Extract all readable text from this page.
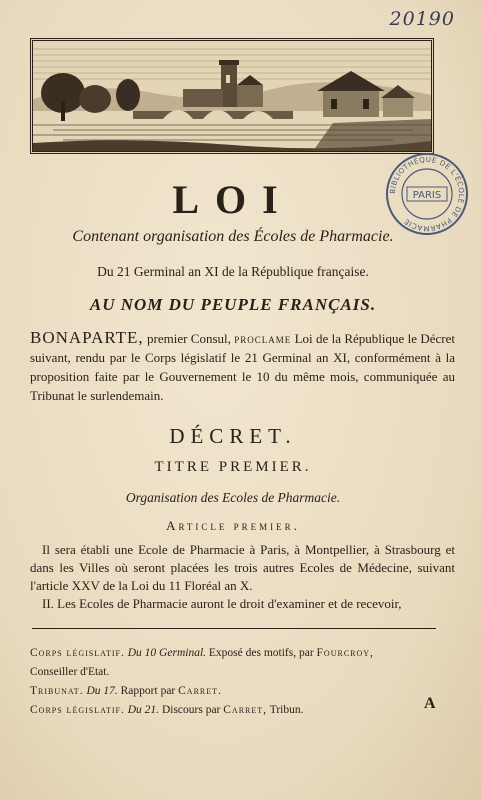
20190
BIBLIOTHÈQUE DE L'ÉCOLE DE PHARMACIE
PARIS
LOI
Contenant organisation des Écoles de Pharmacie.
Du 21 Germinal an XI de la République française.
AU NOM DU PEUPLE FRANÇAIS.
BONAPARTE, premier Consul, proclame Loi de la République le Décret suivant, rendu par le Corps législatif le 21 Germinal an XI, conformément à la proposition faite par le Gouvernement le 10 du même mois, communiquée au Tribunat le surlendemain.
DÉCRET.
TITRE PREMIER.
Organisation des Ecoles de Pharmacie.
Article premier.

Il sera établi une Ecole de Pharmacie à Paris, à Montpellier, à Strasbourg et dans les Villes où seront placées les trois autres Ecoles de Médecine, suivant l'article XXV de la Loi du 11 Floréal an X.

II. Les Ecoles de Pharmacie auront le droit d'examiner et de recevoir,

Corps législatif. Du 10 Germinal. Exposé des motifs, par Fourcroy,
Conseiller d'Etat.
Tribunat. Du 17. Rapport par Carret.
Corps législatif. Du 21. Discours par Carret, Tribun.	A
